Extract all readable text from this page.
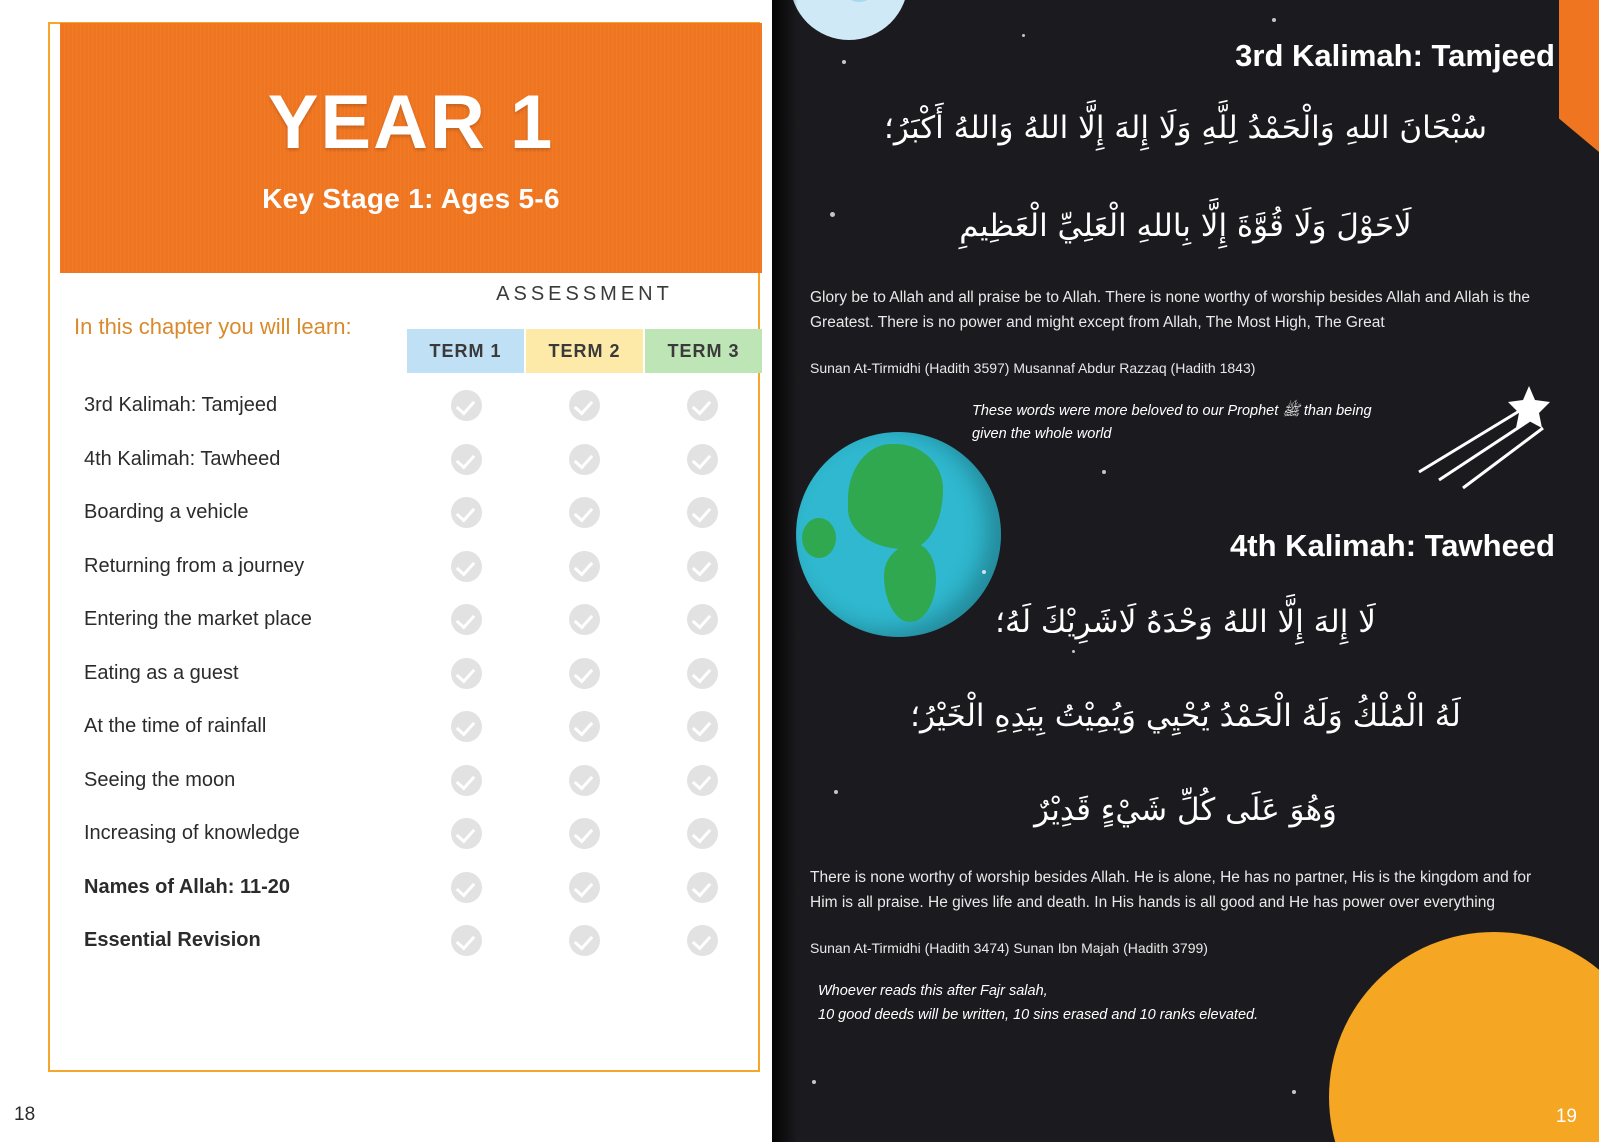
YEAR 1
Key Stage 1: Ages 5-6
ASSESSMENT
In this chapter you will learn:
TERM 1	TERM 2	TERM 3
3rd Kalimah: Tamjeed
4th Kalimah: Tawheed
Boarding a vehicle
Returning from a journey
Entering the market place
Eating as a guest
At the time of rainfall
Seeing the moon
Increasing of knowledge
Names of Allah: 11-20
Essential Revision
18
3rd Kalimah: Tamjeed
سُبْحَانَ اللهِ وَالْحَمْدُ لِلَّهِ وَلَا إِلهَ إِلَّا اللهُ وَاللهُ أَكْبَرُ؛
لَاحَوْلَ وَلَا قُوَّةَ إِلَّا بِاللهِ الْعَلِيِّ الْعَظِيمِ
Glory be to Allah and all praise be to Allah. There is none worthy of worship besides Allah and Allah is the Greatest. There is no power and might except from Allah, The Most High, The Great
Sunan At-Tirmidhi (Hadith 3597) Musannaf Abdur Razzaq (Hadith 1843)
These words were more beloved to our Prophet ﷺ than being given the whole world
4th Kalimah: Tawheed
لَا إِلهَ إِلَّا اللهُ وَحْدَهُ لَاشَرِيْكَ لَهُ؛
لَهُ الْمُلْكُ وَلَهُ الْحَمْدُ يُحْيِي وَيُمِيْتُ بِيَدِهِ الْخَيْرُ؛
وَهُوَ عَلَى كُلِّ شَيْءٍ قَدِيْرٌ
There is none worthy of worship besides Allah. He is alone, He has no partner, His is the kingdom and for Him is all praise. He gives life and death. In His hands is all good and He has power over everything
Sunan At-Tirmidhi (Hadith 3474) Sunan Ibn Majah (Hadith 3799)
Whoever reads this after Fajr salah,
10 good deeds will be written, 10 sins erased and 10 ranks elevated.
19
